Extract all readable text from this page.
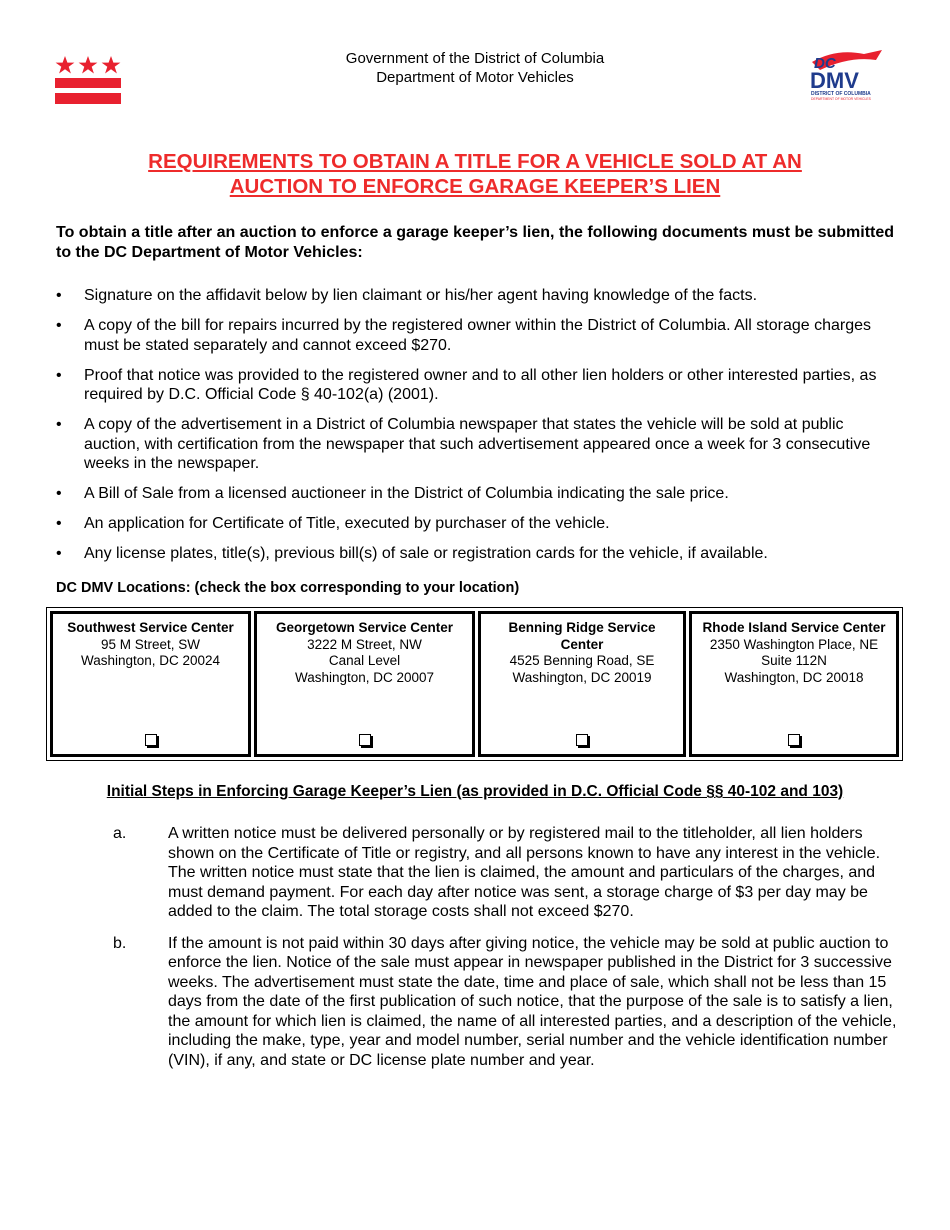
Government of the District of Columbia
Department of Motor Vehicles
DC
DMV
DISTRICT OF COLUMBIA
DEPARTMENT OF MOTOR VEHICLES
REQUIREMENTS TO OBTAIN A TITLE FOR A VEHICLE SOLD AT AN
AUCTION TO ENFORCE GARAGE KEEPER’S LIEN
To obtain a title after an auction to enforce a garage keeper’s lien, the following documents must be submitted to the DC Department of Motor Vehicles:
• Signature on the affidavit below by lien claimant or his/her agent having knowledge of the facts.
• A copy of the bill for repairs incurred by the registered owner within the District of Columbia. All storage charges must be stated separately and cannot exceed $270.
• Proof that notice was provided to the registered owner and to all other lien holders or other interested parties, as required by D.C. Official Code § 40-102(a) (2001).
• A copy of the advertisement in a District of Columbia newspaper that states the vehicle will be sold at public auction, with certification from the newspaper that such advertisement appeared once a week for 3 consecutive weeks in the newspaper.
• A Bill of Sale from a licensed auctioneer in the District of Columbia indicating the sale price.
• An application for Certificate of Title, executed by purchaser of the vehicle.
• Any license plates, title(s), previous bill(s) of sale or registration cards for the vehicle, if available.
DC DMV Locations: (check the box corresponding to your location)
Southwest Service Center
95 M Street, SW
Washington, DC 20024
Georgetown Service Center
3222 M Street, NW
Canal Level
Washington, DC 20007
Benning Ridge Service Center
4525 Benning Road, SE
Washington, DC 20019
Rhode Island Service Center
2350 Washington Place, NE
Suite 112N
Washington, DC 20018
Initial Steps in Enforcing Garage Keeper’s Lien (as provided in D.C. Official Code §§ 40-102 and 103)
a.	A written notice must be delivered personally or by registered mail to the titleholder, all lien holders shown on the Certificate of Title or registry, and all persons known to have any interest in the vehicle. The written notice must state that the lien is claimed, the amount and particulars of the charges, and must demand payment. For each day after notice was sent, a storage charge of $3 per day may be added to the claim. The total storage costs shall not exceed $270.
b.	If the amount is not paid within 30 days after giving notice, the vehicle may be sold at public auction to enforce the lien. Notice of the sale must appear in newspaper published in the District for 3 successive weeks. The advertisement must state the date, time and place of sale, which shall not be less than 15 days from the date of the first publication of such notice, that the purpose of the sale is to satisfy a lien, the amount for which lien is claimed, the name of all interested parties, and a description of the vehicle, including the make, type, year and model number, serial number and the vehicle identification number (VIN), if any, and state or DC license plate number and year.
